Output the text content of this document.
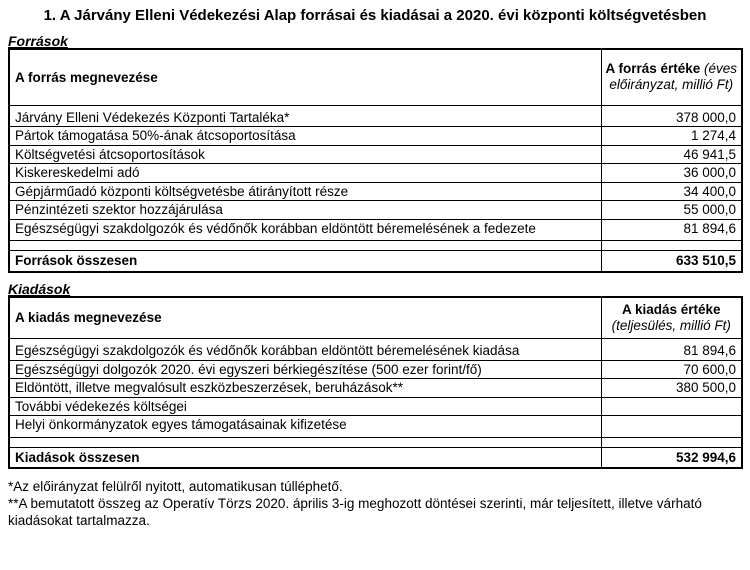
1. A Járvány Elleni Védekezési Alap forrásai és kiadásai a 2020. évi központi költségvetésben
Források
A forrás megnevezése	A forrás értéke (éves előirányzat, millió Ft)
Járvány Elleni Védekezés Központi Tartaléka*	378 000,0
Pártok támogatása 50%-ának átcsoportosítása	1 274,4
Költségvetési átcsoportosítások	46 941,5
Kiskereskedelmi adó	36 000,0
Gépjárműadó központi költségvetésbe átirányított része	34 400,0
Pénzintézeti szektor hozzájárulása	55 000,0
Egészségügyi szakdolgozók és védőnők korábban eldöntött béremelésének a fedezete	81 894,6

Források összesen	633 510,5
Kiadások
A kiadás megnevezése	A kiadás értéke
(teljesülés, millió Ft)
Egészségügyi szakdolgozók és védőnők korábban eldöntött béremelésének kiadása	81 894,6
Egészségügyi dolgozók 2020. évi egyszeri bérkiegészítése (500 ezer forint/fő)	70 600,0
Eldöntött, illetve megvalósult eszközbeszerzések, beruházások**	380 500,0
További védekezés költségei	
Helyi önkormányzatok egyes támogatásainak kifizetése	

Kiadások összesen	532 994,6

*Az előirányzat felülről nyitott, automatikusan túlléphető.

**A bemutatott összeg az Operatív Törzs 2020. április 3-ig meghozott döntései szerinti, már teljesített, illetve várható kiadásokat tartalmazza.
